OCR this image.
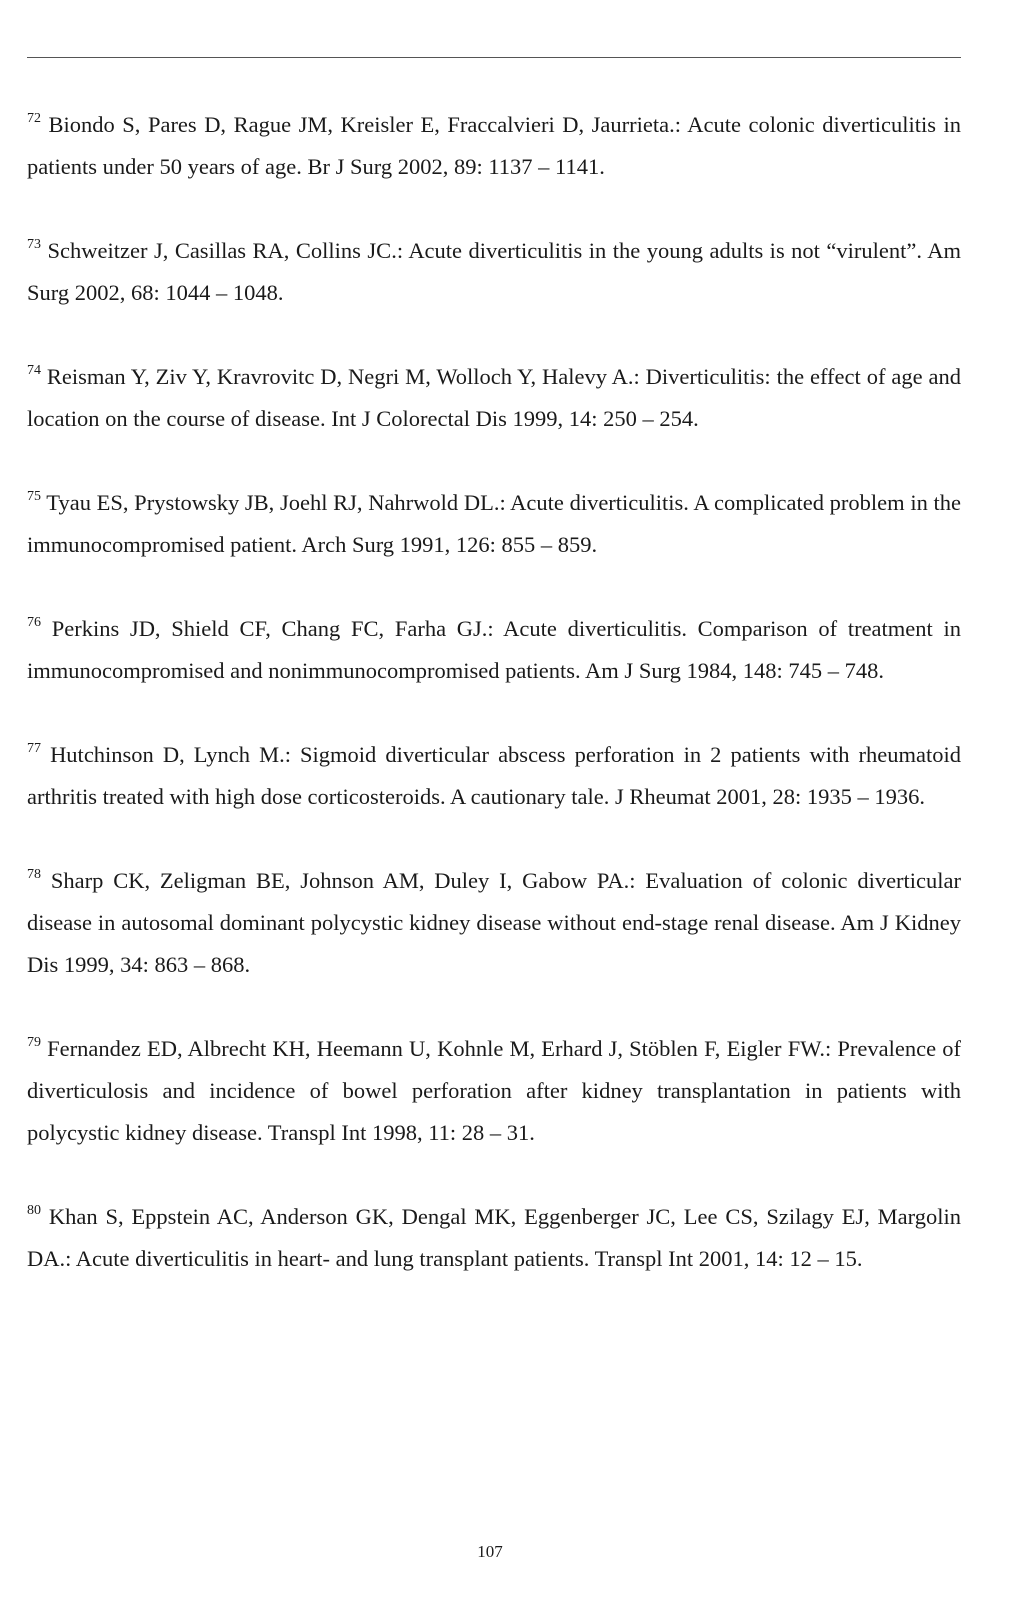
$^{72}$ Biondo S, Pares D, Rague JM, Kreisler E, Fraccalvieri D, Jaurrieta.: Acute colonic diverticulitis in patients under 50 years of age. Br J Surg 2002, 89: 1137 – 1141.

$^{73}$ Schweitzer J, Casillas RA, Collins JC.: Acute diverticulitis in the young adults is not “virulent”. Am Surg 2002, 68: 1044 – 1048.

$^{74}$ Reisman Y, Ziv Y, Kravrovitc D, Negri M, Wolloch Y, Halevy A.: Diverticulitis: the effect of age and location on the course of disease. Int J Colorectal Dis 1999, 14: 250 – 254.

$^{75}$ Tyau ES, Prystowsky JB, Joehl RJ, Nahrwold DL.: Acute diverticulitis. A complicated problem in the immunocompromised patient. Arch Surg 1991, 126: 855 – 859.

$^{76}$ Perkins JD, Shield CF, Chang FC, Farha GJ.: Acute diverticulitis. Comparison of treatment in immunocompromised and nonimmunocompromised patients. Am J Surg 1984, 148: 745 – 748.

$^{77}$ Hutchinson D, Lynch M.: Sigmoid diverticular abscess perforation in 2 patients with rheumatoid arthritis treated with high dose corticosteroids. A cautionary tale. J Rheumat 2001, 28: 1935 – 1936.

$^{78}$ Sharp CK, Zeligman BE, Johnson AM, Duley I, Gabow PA.: Evaluation of colonic diverticular disease in autosomal dominant polycystic kidney disease without end-stage renal disease. Am J Kidney Dis 1999, 34: 863 – 868.

$^{79}$ Fernandez ED, Albrecht KH, Heemann U, Kohnle M, Erhard J, Stöblen F, Eigler FW.: Prevalence of diverticulosis and incidence of bowel perforation after kidney transplantation in patients with polycystic kidney disease. Transpl Int 1998, 11: 28 – 31.

$^{80}$ Khan S, Eppstein AC, Anderson GK, Dengal MK, Eggenberger JC, Lee CS, Szilagy EJ, Margolin DA.: Acute diverticulitis in heart- and lung transplant patients. Transpl Int 2001, 14: 12 – 15.

107
